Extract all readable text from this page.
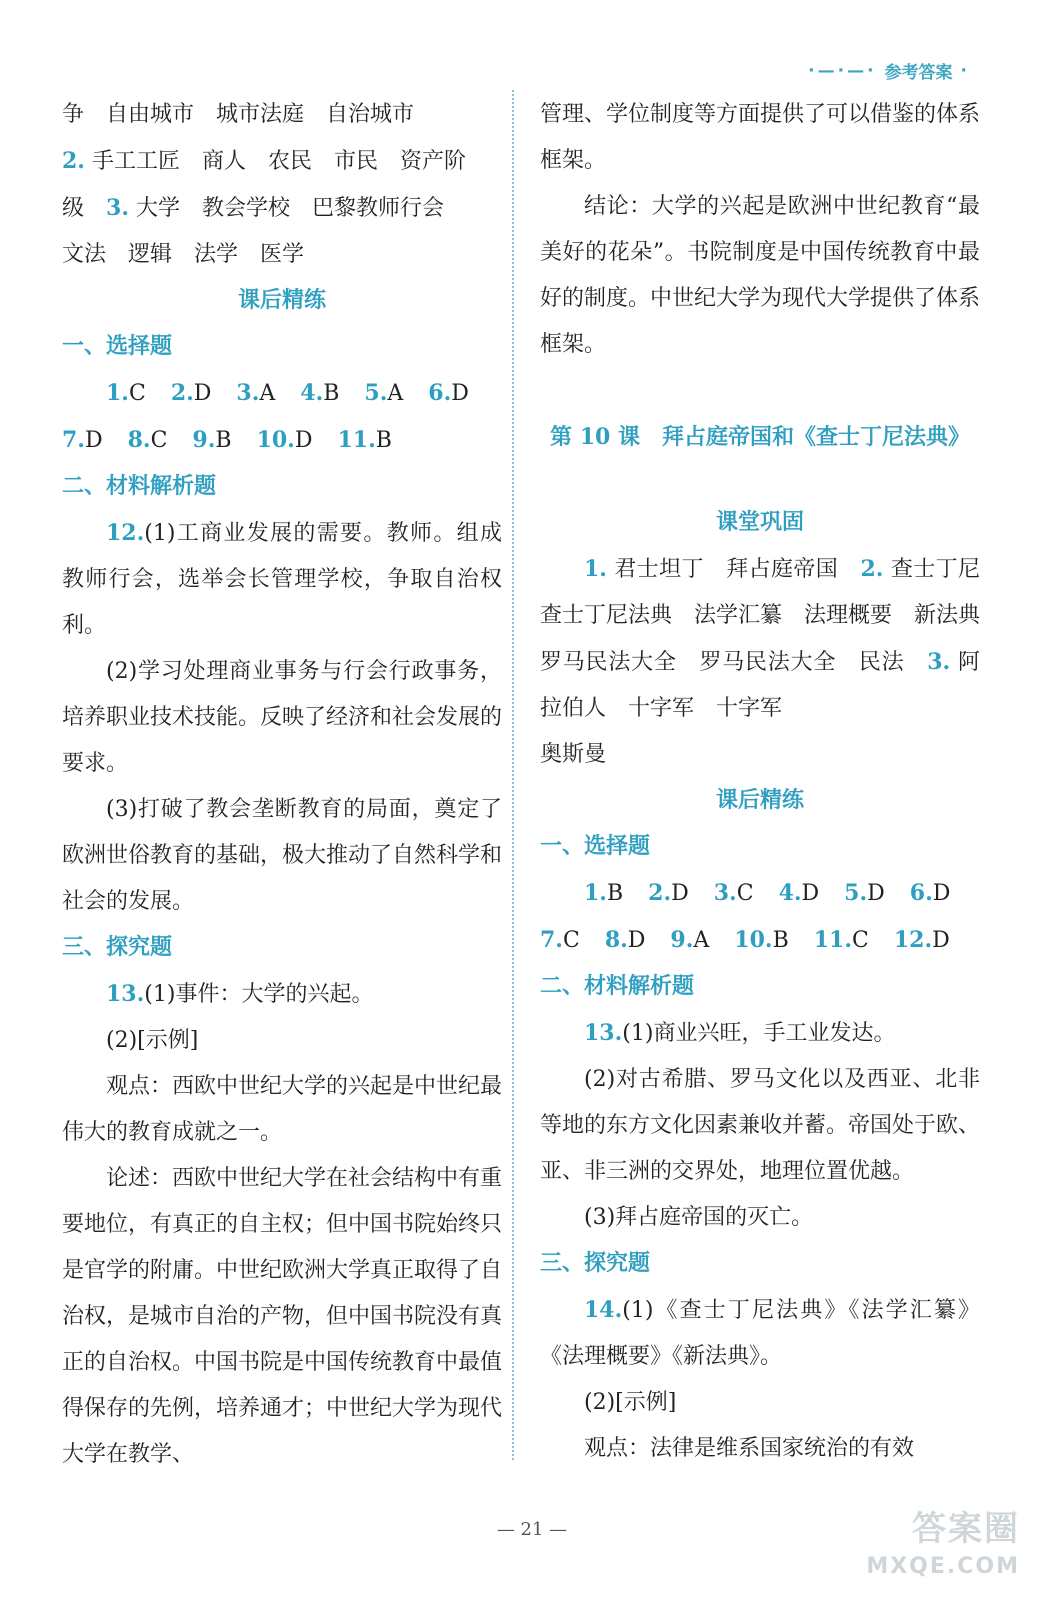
·—·—· 参考答案 ·

争　自由城市　城市法庭　自治城市

2. 手工工匠　商人　农民　市民　资产阶

级　3. 大学　教会学校　巴黎教师行会

文法　逻辑　法学　医学

课后精练

一、选择题

1.C 2.D 3.A 4.B 5.A 6.D

7.D 8.C 9.B 10.D 11.B

二、材料解析题

12.(1)工商业发展的需要。教师。组成教师行会，选举会长管理学校，争取自治权利。

(2)学习处理商业事务与行会行政事务，培养职业技术技能。反映了经济和社会发展的要求。

(3)打破了教会垄断教育的局面，奠定了欧洲世俗教育的基础，极大推动了自然科学和社会的发展。

三、探究题

13.(1)事件：大学的兴起。

(2)[示例]

观点：西欧中世纪大学的兴起是中世纪最伟大的教育成就之一。

论述：西欧中世纪大学在社会结构中有重要地位，有真正的自主权；但中国书院始终只是官学的附庸。中世纪欧洲大学真正取得了自治权，是城市自治的产物，但中国书院没有真正的自治权。中国书院是中国传统教育中最值得保存的先例，培养通才；中世纪大学为现代大学在教学、

管理、学位制度等方面提供了可以借鉴的体系框架。

结论：大学的兴起是欧洲中世纪教育“最美好的花朵”。书院制度是中国传统教育中最好的制度。中世纪大学为现代大学提供了体系框架。

第 10 课　拜占庭帝国和《查士丁尼法典》

课堂巩固

1. 君士坦丁　拜占庭帝国　2. 查士丁尼　查士丁尼法典　法学汇纂　法理概要　新法典　罗马民法大全　罗马民法大全　民法　3. 阿拉伯人　十字军　十字军

奥斯曼

课后精练

一、选择题

1.B 2.D 3.C 4.D 5.D 6.D

7.C 8.D 9.A 10.B 11.C 12.D

二、材料解析题

13.(1)商业兴旺，手工业发达。

(2)对古希腊、罗马文化以及西亚、北非等地的东方文化因素兼收并蓄。帝国处于欧、亚、非三洲的交界处，地理位置优越。

(3)拜占庭帝国的灭亡。

三、探究题

14.(1)《查士丁尼法典》《法学汇纂》《法理概要》《新法典》。

(2)[示例]

观点：法律是维系国家统治的有效

— 21 —	答案圈
MXQE.COM
